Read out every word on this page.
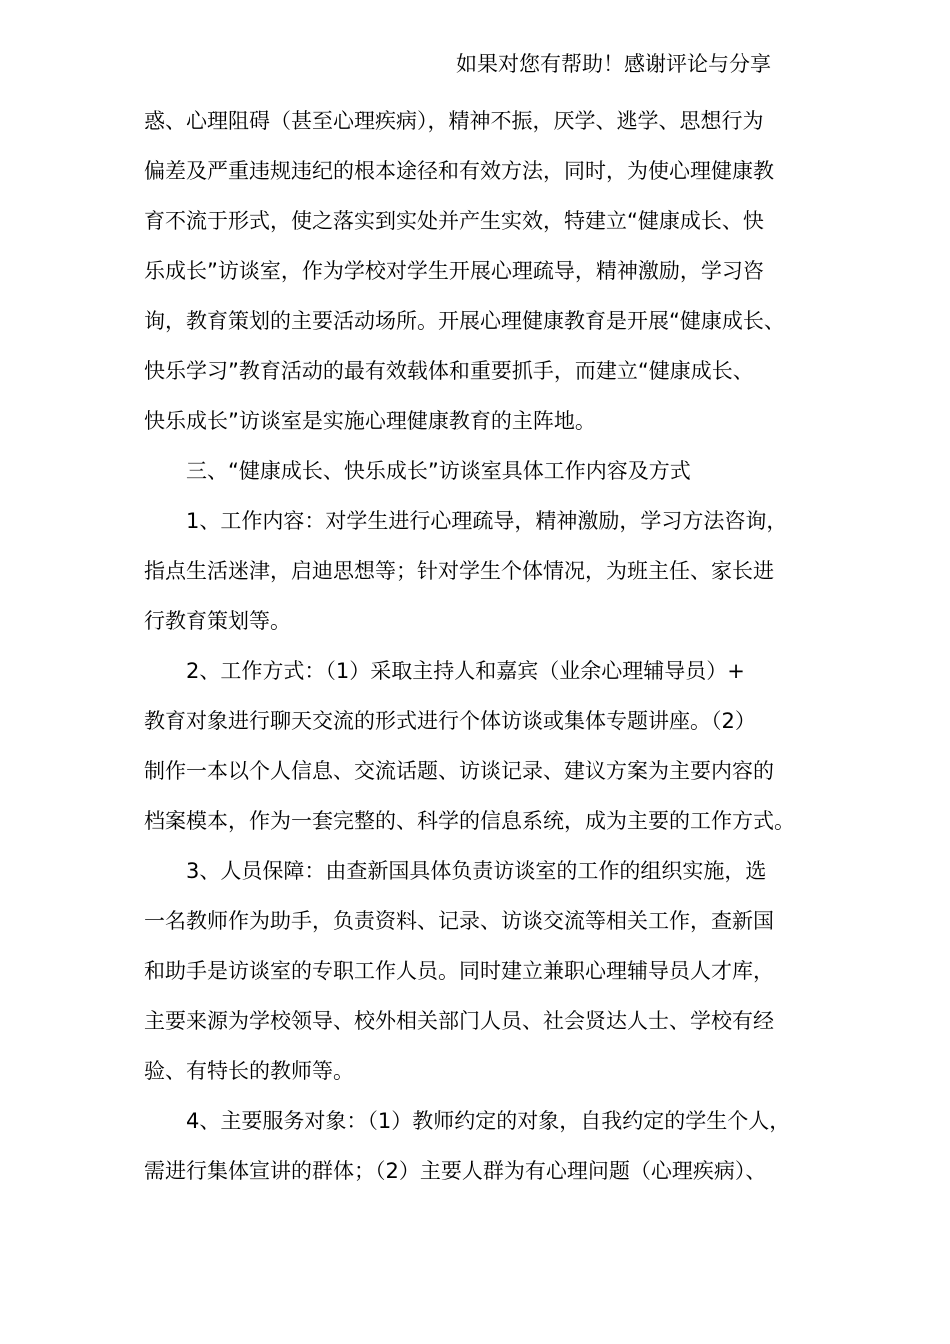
如果对您有帮助！感谢评论与分享
惑、心理阻碍（甚至心理疾病），精神不振，厌学、逃学、思想行为
偏差及严重违规违纪的根本途径和有效方法，同时，为使心理健康教
育不流于形式，使之落实到实处并产生实效，特建立“健康成长、快
乐成长”访谈室，作为学校对学生开展心理疏导，精神激励，学习咨
询，教育策划的主要活动场所。开展心理健康教育是开展“健康成长、
快乐学习”教育活动的最有效载体和重要抓手，而建立“健康成长、
快乐成长”访谈室是实施心理健康教育的主阵地。
　　三、“健康成长、快乐成长”访谈室具体工作内容及方式
　　1、工作内容：对学生进行心理疏导，精神激励，学习方法咨询，
指点生活迷津，启迪思想等；针对学生个体情况，为班主任、家长进
行教育策划等。
　　2、工作方式：（1）采取主持人和嘉宾（业余心理辅导员）+
教育对象进行聊天交流的形式进行个体访谈或集体专题讲座。（2）
制作一本以个人信息、交流话题、访谈记录、建议方案为主要内容的
档案模本，作为一套完整的、科学的信息系统，成为主要的工作方式。
　　3、人员保障：由查新国具体负责访谈室的工作的组织实施，选
一名教师作为助手，负责资料、记录、访谈交流等相关工作，查新国
和助手是访谈室的专职工作人员。同时建立兼职心理辅导员人才库，
主要来源为学校领导、校外相关部门人员、社会贤达人士、学校有经
验、有特长的教师等。
　　4、主要服务对象：（1）教师约定的对象，自我约定的学生个人，
需进行集体宣讲的群体；（2）主要人群为有心理问题（心理疾病）、
